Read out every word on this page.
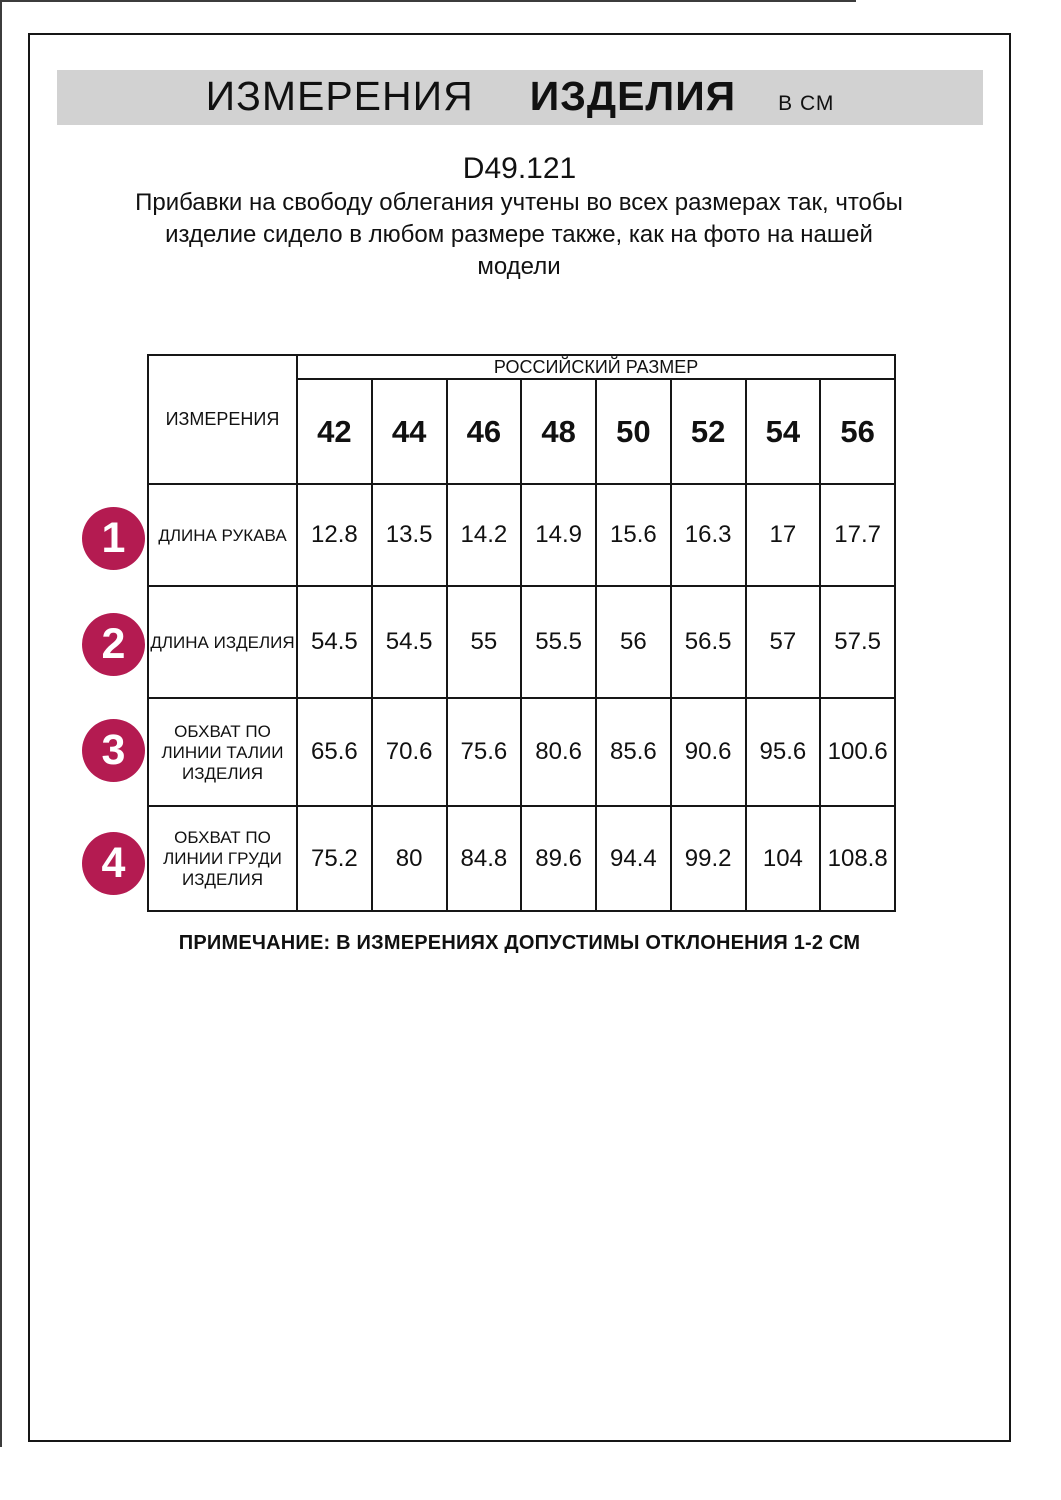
ИЗМЕРЕНИЯ ИЗДЕЛИЯ В СМ
D49.121
Прибавки на свободу облегания учтены во всех размерах так, чтобы изделие сидело в любом размере также, как на фото на нашей модели
ИЗМЕРЕНИЯ	РОССИЙСКИЙ РАЗМЕР							
	42	44	46	48	50	52	54	56
ДЛИНА РУКАВА	12.8	13.5	14.2	14.9	15.6	16.3	17	17.7
ДЛИНА ИЗДЕЛИЯ	54.5	54.5	55	55.5	56	56.5	57	57.5
ОБХВАТ ПО ЛИНИИ ТАЛИИ ИЗДЕЛИЯ	65.6	70.6	75.6	80.6	85.6	90.6	95.6	100.6
ОБХВАТ ПО ЛИНИИ ГРУДИ ИЗДЕЛИЯ	75.2	80	84.8	89.6	94.4	99.2	104	108.8
1
2
3
4
ПРИМЕЧАНИЕ: В ИЗМЕРЕНИЯХ ДОПУСТИМЫ ОТКЛОНЕНИЯ 1-2 СМ
